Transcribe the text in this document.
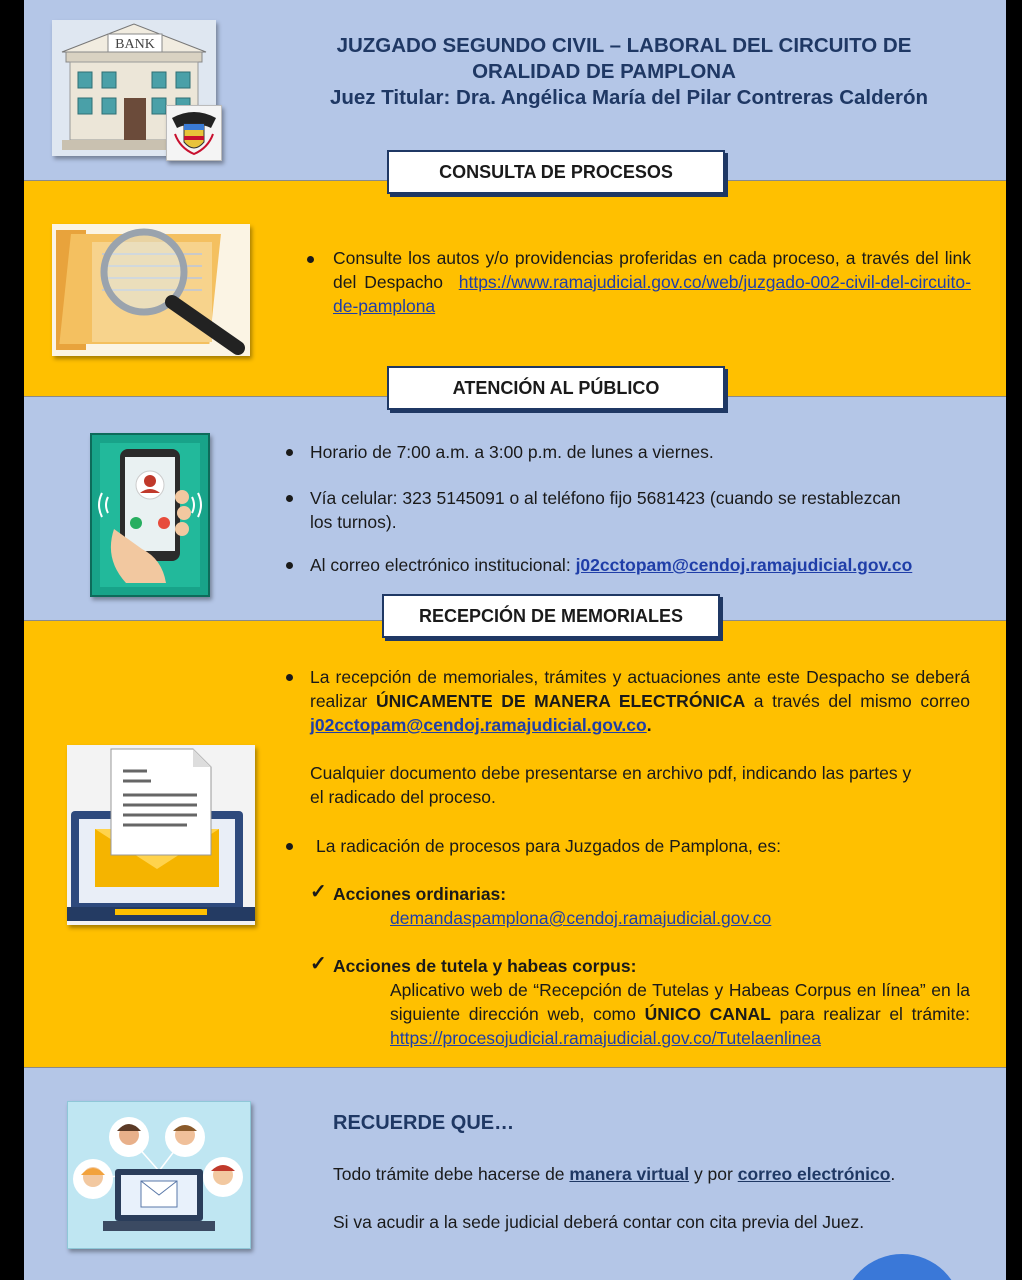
BANK	JUZGADO SEGUNDO CIVIL – LABORAL DEL CIRCUITO DE
ORALIDAD DE PAMPLONA
Juez Titular: Dra. Angélica María del Pilar Contreras Calderón
CONSULTA DE PROCESOS
Consulte los autos y/o providencias proferidas en cada proceso, a través del link del Despacho https://www.ramajudicial.gov.co/web/juzgado-002-civil-del-circuito-de-pamplona
ATENCIÓN AL PÚBLICO
Horario de 7:00 a.m. a 3:00 p.m. de lunes a viernes.
Vía celular: 323 5145091 o al teléfono fijo 5681423 (cuando se restablezcan
los turnos).
Al correo electrónico institucional: j02cctopam@cendoj.ramajudicial.gov.co
RECEPCIÓN DE MEMORIALES
La recepción de memoriales, trámites y actuaciones ante este Despacho se deberá realizar ÚNICAMENTE DE MANERA ELECTRÓNICA a través del mismo correo j02cctopam@cendoj.ramajudicial.gov.co.
Cualquier documento debe presentarse en archivo pdf, indicando las partes y
el radicado del proceso.
La radicación de procesos para Juzgados de Pamplona, es:
✓ Acciones ordinarias:
demandaspamplona@cendoj.ramajudicial.gov.co
✓ Acciones de tutela y habeas corpus:
Aplicativo web de “Recepción de Tutelas y Habeas Corpus en línea” en la siguiente dirección web, como ÚNICO CANAL para realizar el trámite: https://procesojudicial.ramajudicial.gov.co/Tutelaenlinea
RECUERDE QUE…
Todo trámite debe hacerse de manera virtual y por correo electrónico.
Si va acudir a la sede judicial deberá contar con cita previa del Juez.
